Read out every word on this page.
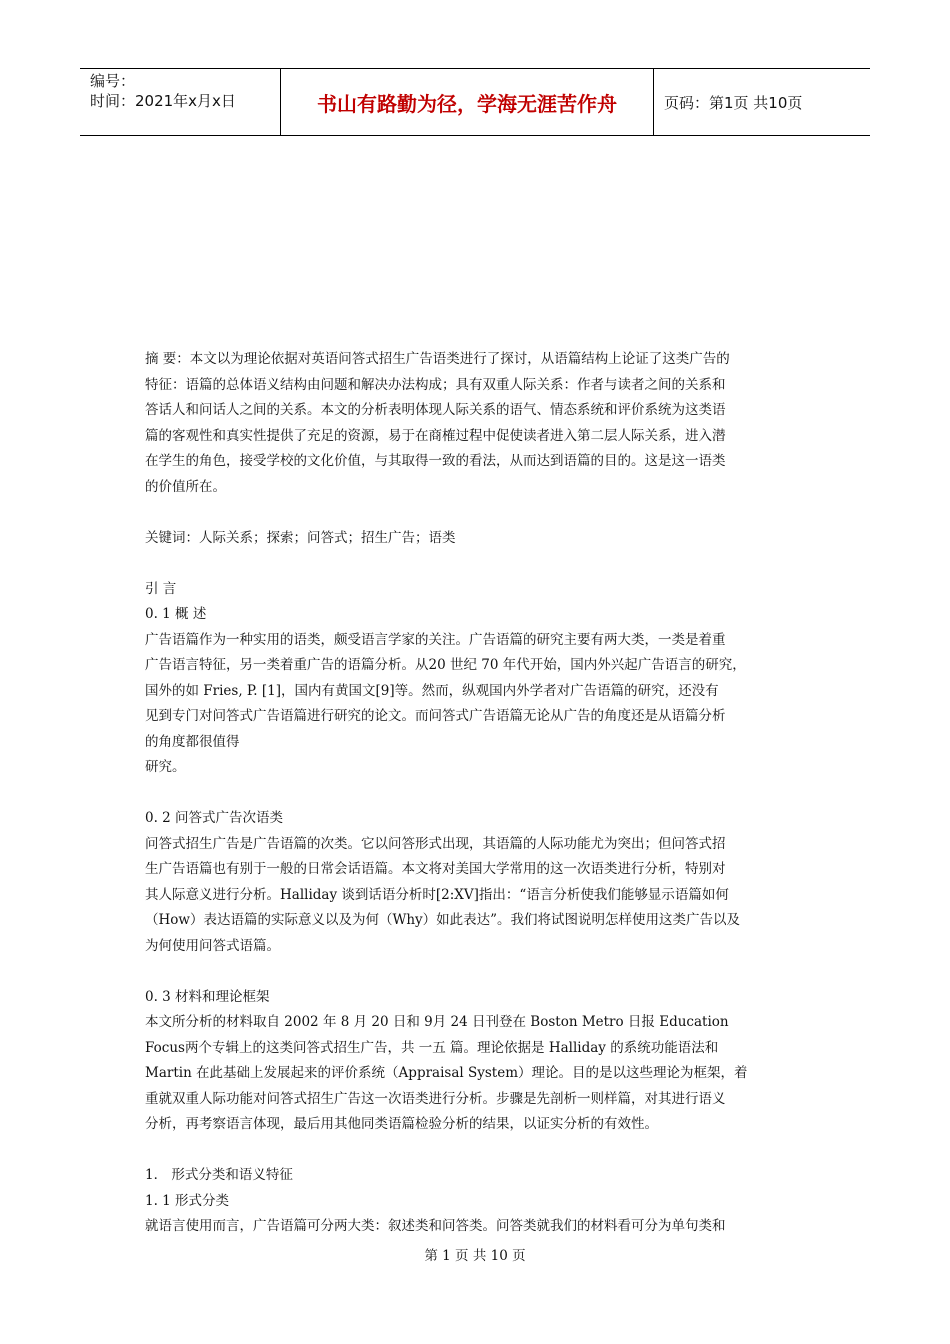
编号：
时间：2021年x月x日	书山有路勤为径，学海无涯苦作舟	页码：第1页 共10页

摘 要：本文以为理论依据对英语问答式招生广告语类进行了探讨，从语篇结构上论证了这类广告的

特征：语篇的总体语义结构由问题和解决办法构成；具有双重人际关系：作者与读者之间的关系和

答话人和问话人之间的关系。本文的分析表明体现人际关系的语气、情态系统和评价系统为这类语

篇的客观性和真实性提供了充足的资源，易于在商榷过程中促使读者进入第二层人际关系，进入潜

在学生的角色，接受学校的文化价值，与其取得一致的看法，从而达到语篇的目的。这是这一语类

的价值所在。

关键词：人际关系；探索；问答式；招生广告；语类

引 言

0. 1 概 述

广告语篇作为一种实用的语类，颇受语言学家的关注。广告语篇的研究主要有两大类，一类是着重

广告语言特征，另一类着重广告的语篇分析。从20 世纪 70 年代开始，国内外兴起广告语言的研究，

国外的如 Fries, P. [1]，国内有黄国文[9]等。然而，纵观国内外学者对广告语篇的研究，还没有

见到专门对问答式广告语篇进行研究的论文。而问答式广告语篇无论从广告的角度还是从语篇分析

的角度都很值得

研究。

0. 2 问答式广告次语类

问答式招生广告是广告语篇的次类。它以问答形式出现，其语篇的人际功能尤为突出；但问答式招

生广告语篇也有别于一般的日常会话语篇。本文将对美国大学常用的这一次语类进行分析，特别对

其人际意义进行分析。Halliday 谈到话语分析时[2:XV]指出：“语言分析使我们能够显示语篇如何

（How）表达语篇的实际意义以及为何（Why）如此表达”。我们将试图说明怎样使用这类广告以及

为何使用问答式语篇。

0. 3 材料和理论框架

本文所分析的材料取自 2002 年 8 月 20 日和 9月 24 日刊登在 Boston Metro 日报 Education

Focus两个专辑上的这类问答式招生广告，共 一五 篇。理论依据是 Halliday 的系统功能语法和

Martin 在此基础上发展起来的评价系统（Appraisal System）理论。目的是以这些理论为框架，着

重就双重人际功能对问答式招生广告这一次语类进行分析。步骤是先剖析一则样篇，对其进行语义

分析，再考察语言体现，最后用其他同类语篇检验分析的结果，以证实分析的有效性。

1． 形式分类和语义特征

1. 1 形式分类

就语言使用而言，广告语篇可分两大类：叙述类和问答类。问答类就我们的材料看可分为单句类和

第 1 页 共 10 页
